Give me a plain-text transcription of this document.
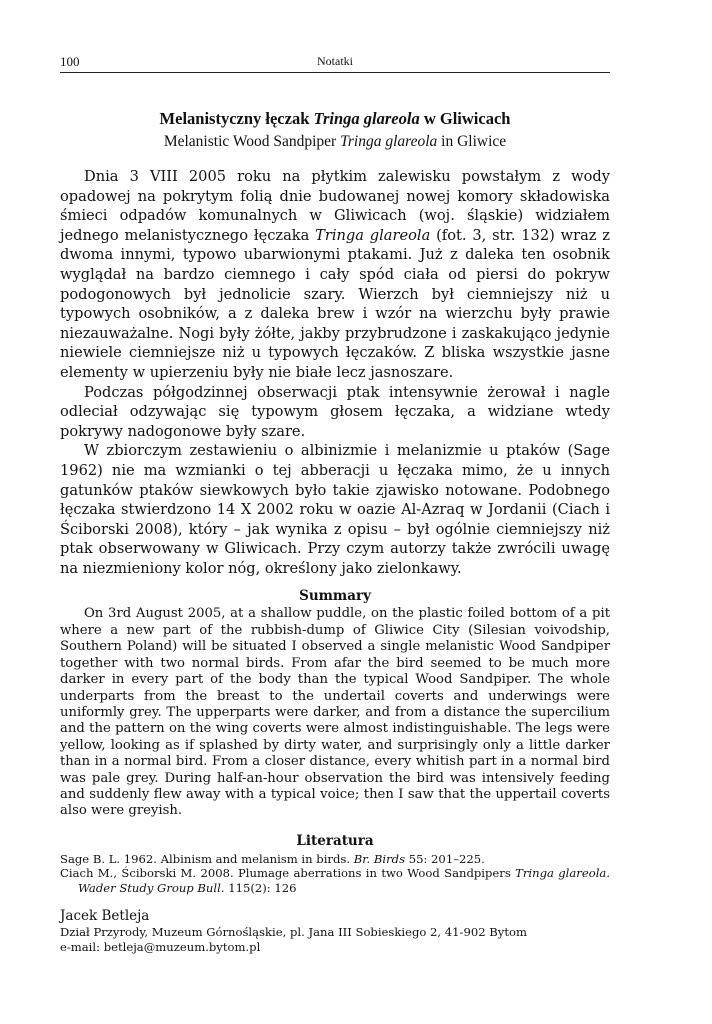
100	Notatki
Melanistyczny łęczak Tringa glareola w Gliwicach
Melanistic Wood Sandpiper Tringa glareola in Gliwice

Dnia 3 VIII 2005 roku na płytkim zalewisku powstałym z wody opadowej na pokrytym folią dnie budowanej nowej komory składowiska śmieci odpadów komunalnych w Gliwicach (woj. śląskie) widziałem jednego melanistycznego łęczaka Tringa glareola (fot. 3, str. 132) wraz z dwoma innymi, typowo ubarwionymi ptakami. Już z daleka ten osobnik wyglądał na bardzo ciemnego i cały spód ciała od piersi do pokryw podogonowych był jednolicie szary. Wierzch był ciemniejszy niż u typowych osobników, a z daleka brew i wzór na wierzchu były prawie niezauważalne. Nogi były żółte, jakby przybrudzone i zaskakująco jedynie niewiele ciemniejsze niż u typowych łęczaków. Z bliska wszystkie jasne elementy w upierzeniu były nie białe lecz jasnoszare.

Podczas półgodzinnej obserwacji ptak intensywnie żerował i nagle odleciał odzywając się typowym głosem łęczaka, a widziane wtedy pokrywy nadogonowe były szare.

W zbiorczym zestawieniu o albinizmie i melanizmie u ptaków (Sage 1962) nie ma wzmianki o tej abberacji u łęczaka mimo, że u innych gatunków ptaków siewkowych było takie zjawisko notowane. Podobnego łęczaka stwierdzono 14 X 2002 roku w oazie Al-Azraq w Jordanii (Ciach i Ściborski 2008), który – jak wynika z opisu – był ogólnie ciemniejszy niż ptak obserwowany w Gliwicach. Przy czym autorzy także zwrócili uwagę na niezmieniony kolor nóg, określony jako zielonkawy.

Summary

On 3rd August 2005, at a shallow puddle, on the plastic foiled bottom of a pit where a new part of the rubbish-dump of Gliwice City (Silesian voivodship, Southern Poland) will be situated I observed a single melanistic Wood Sandpiper together with two normal birds. From afar the bird seemed to be much more darker in every part of the body than the typical Wood Sandpiper. The whole underparts from the breast to the undertail coverts and underwings were uniformly grey. The upperparts were darker, and from a distance the supercilium and the pattern on the wing coverts were almost indistinguishable. The legs were yellow, looking as if splashed by dirty water, and surprisingly only a little darker than in a normal bird. From a closer distance, every whitish part in a normal bird was pale grey. During half-an-hour observation the bird was intensively feeding and suddenly flew away with a typical voice; then I saw that the uppertail coverts also were greyish.

Literatura
Sage B. L. 1962. Albinism and melanism in birds. Br. Birds 55: 201–225.
Ciach M., Ściborski M. 2008. Plumage aberrations in two Wood Sandpipers Tringa glareola. Wader Study Group Bull. 115(2): 126
Jacek Betleja
Dział Przyrody, Muzeum Górnośląskie, pl. Jana III Sobieskiego 2, 41-902 Bytom
e-mail: betleja@muzeum.bytom.pl
